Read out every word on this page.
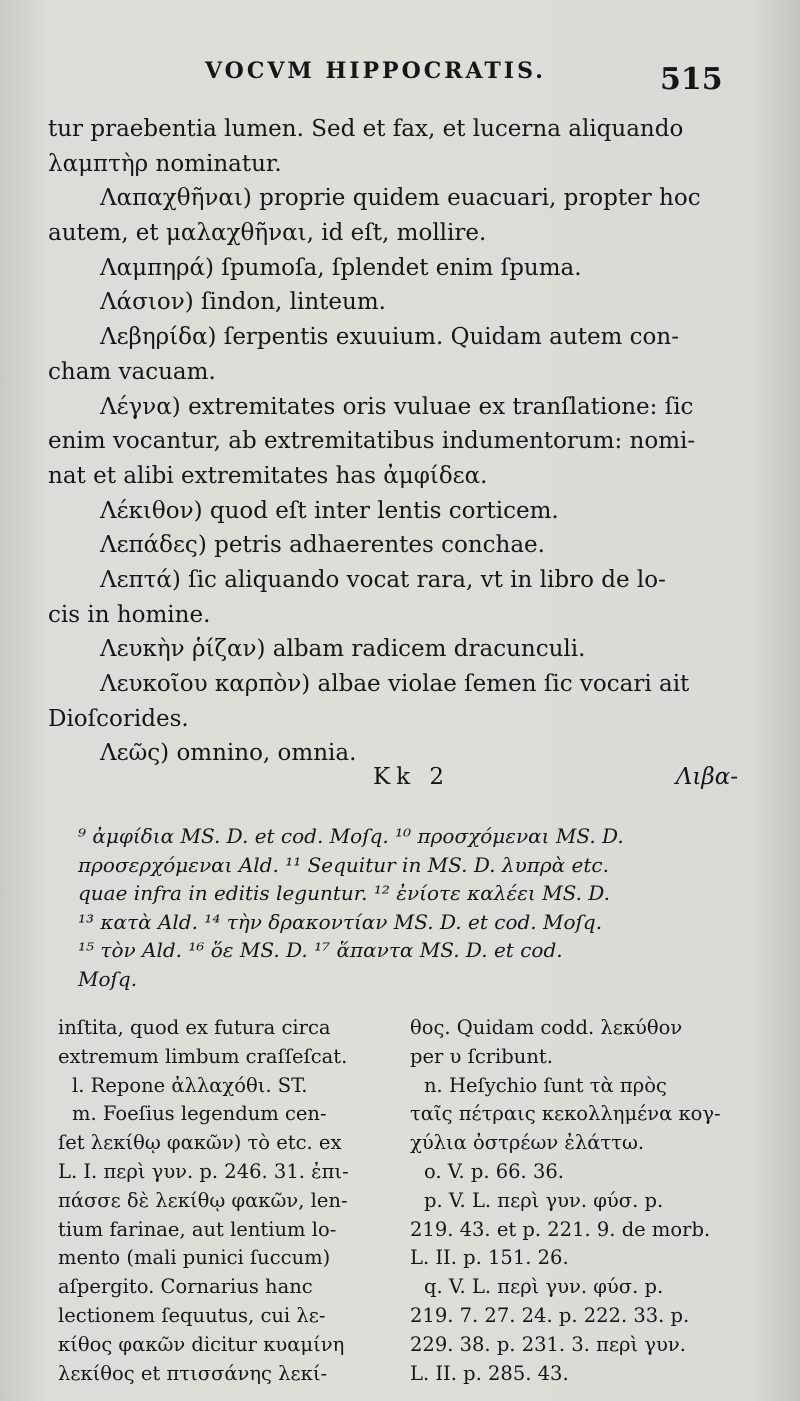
VOCVM HIPPOCRATIS.	515
tur praebentia lumen. Sed et fax, et lucerna aliquando
λαμπτὴρ nominatur.
Λαπαχθῆναι) proprie quidem euacuari, propter hoc
autem, et μαλαχθῆναι, id eſt, mollire.
Λαμπηρά) ſpumoſa, ſplendet enim ſpuma.
Λάσιον) ſindon, linteum.
Λεβηρίδα) ſerpentis exuuium. Quidam autem con-
cham vacuam.
Λέγνα) extremitates oris vuluae ex tranſlatione: ſic
enim vocantur, ab extremitatibus indumentorum: nomi-
nat et alibi extremitates has ἀμφίδεα.
Λέκιθον) quod eſt inter lentis corticem.
Λεπάδες) petris adhaerentes conchae.
Λεπτά) ſic aliquando vocat rara, vt in libro de lo-
cis in homine.
Λευκὴν ῥίζαν) albam radicem dracunculi.
Λευκοῖου καρπὸν) albae violae ſemen ſic vocari ait
Dioſcorides.
Λεῶς) omnino, omnia.
Kk 2	Λιβα-
⁹ ἀμφίδια MS. D. et cod. Moſq. ¹⁰ προσχόμεναι MS. D.
προσερχόμεναι Ald. ¹¹ Sequitur in MS. D. λυπρὰ etc.
quae infra in editis leguntur. ¹² ἐνίοτε καλέει MS. D.
¹³ κατὰ Ald. ¹⁴ τὴν δρακοντίαν MS. D. et cod. Moſq.
¹⁵ τὸν Ald. ¹⁶ ὅε MS. D. ¹⁷ ἅπαντα MS. D. et cod.
Moſq.
inſtita, quod ex futura circa
extremum limbum craſſeſcat.
l. Repone ἀλλαχόθι. ST.
m. Foeſius legendum cen-
ſet λεκίθῳ φακῶν) τὸ etc. ex
L. I. περὶ γυν. p. 246. 31. ἐπι-
πάσσε δὲ λεκίθῳ φακῶν, len-
tium farinae, aut lentium lo-
mento (mali punici ſuccum)
aſpergito. Cornarius hanc
lectionem ſequutus, cui λε-
κίθος φακῶν dicitur κυαμίνη
λεκίθος et πτισσάνης λεκί-
θος. Quidam codd. λεκύθον
per υ ſcribunt.
n. Heſychio ſunt τὰ πρὸς
ταῖς πέτραις κεκολλημένα κογ-
χύλια ὀστρέων ἐλάττω.
o. V. p. 66. 36.
p. V. L. περὶ γυν. φύσ. p.
219. 43. et p. 221. 9. de morb.
L. II. p. 151. 26.
q. V. L. περὶ γυν. φύσ. p.
219. 7. 27. 24. p. 222. 33. p.
229. 38. p. 231. 3. περὶ γυν.
L. II. p. 285. 43.
